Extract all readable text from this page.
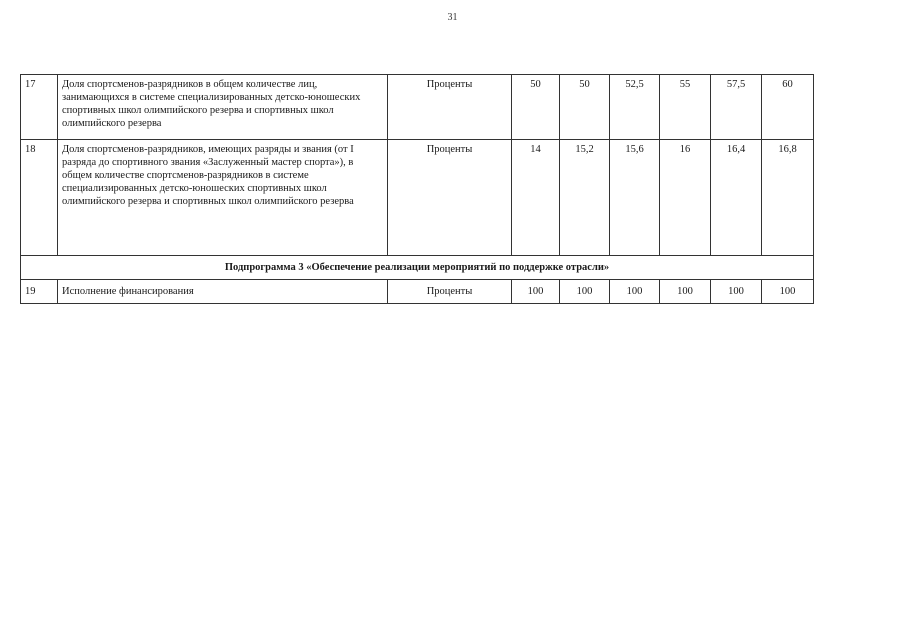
31
17	Доля спортсменов-разрядников в общем количестве лиц, занимающихся в системе специализированных детско-юношеских спортивных школ олимпийского резерва и спортивных школ олимпийского резерва	Проценты	50	50	52,5	55	57,5	60
18	Доля спортсменов-разрядников, имеющих разряды и звания (от I разряда до спортивного звания «Заслуженный мастер спорта»), в общем количестве спортсменов-разрядников в системе специализированных детско-юношеских спортивных школ олимпийского резерва и спортивных школ олимпийского резерва	Проценты	14	15,2	15,6	16	16,4	16,8
Подпрограмма 3 «Обеспечение реализации мероприятий по поддержке отрасли»								
19	Исполнение финансирования	Проценты	100	100	100	100	100	100
